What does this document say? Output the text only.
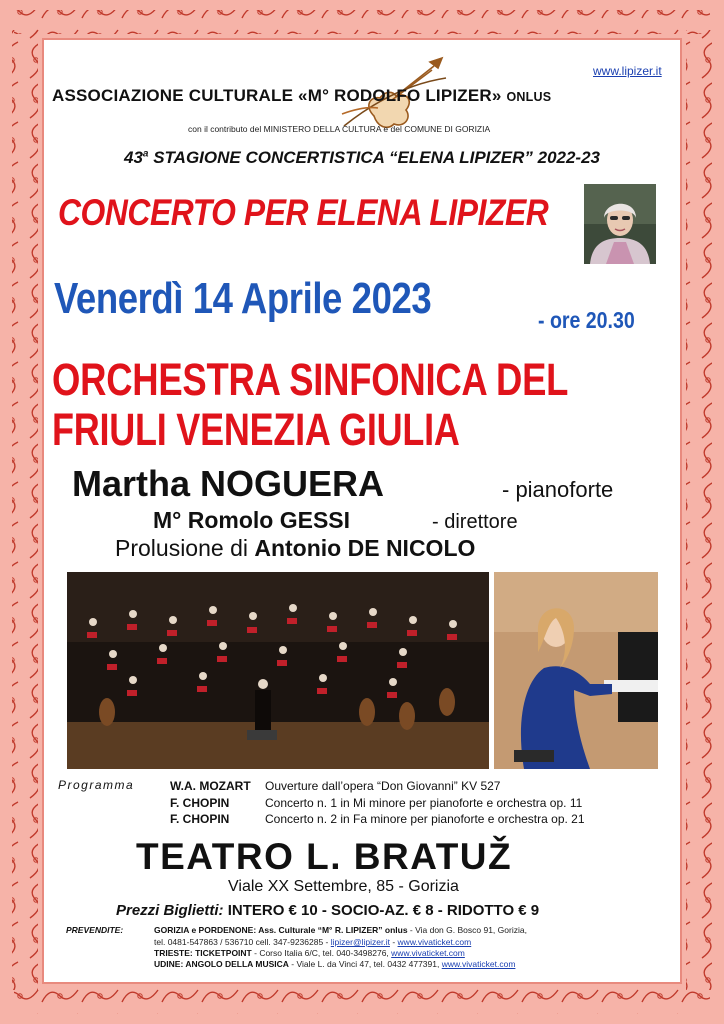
www.lipizer.it
ASSOCIAZIONE CULTURALE «M° RODOLFO LIPIZER» ONLUS
con il contributo del MINISTERO DELLA CULTURA e del COMUNE DI GORIZIA
43$^a$ STAGIONE CONCERTISTICA “ELENA LIPIZER” 2022-23
CONCERTO PER ELENA LIPIZER
Venerdì 14 Aprile 2023	- ore 20.30
ORCHESTRA SINFONICA DEL
FRIULI VENEZIA GIULIA
Martha NOGUERA	- pianoforte
M° Romolo GESSI	- direttore
Prolusione di Antonio DE NICOLO
Programma	W.A. MOZART Ouverture dall’opera “Don Giovanni” KV 527
F. CHOPIN	Concerto n. 1 in Mi minore per pianoforte e orchestra op. 11
F. CHOPIN	Concerto n. 2 in Fa minore per pianoforte e orchestra op. 21
TEATRO L. BRATUŽ
Viale XX Settembre, 85 - Gorizia
Prezzi Biglietti: INTERO € 10 - SOCIO-AZ. € 8 - RIDOTTO € 9
PREVENDITE:	GORIZIA e PORDENONE: Ass. Culturale “M° R. LIPIZER” onlus - Via don G. Bosco 91, Gorizia,
tel. 0481-547863 / 536710 cell. 347-9236285 - lipizer@lipizer.it - www.vivaticket.com
TRIESTE: TICKETPOINT - Corso Italia 6/C, tel. 040-3498276, www.vivaticket.com
UDINE: ANGOLO DELLA MUSICA - Viale L. da Vinci 47, tel. 0432 477391, www.vivaticket.com
